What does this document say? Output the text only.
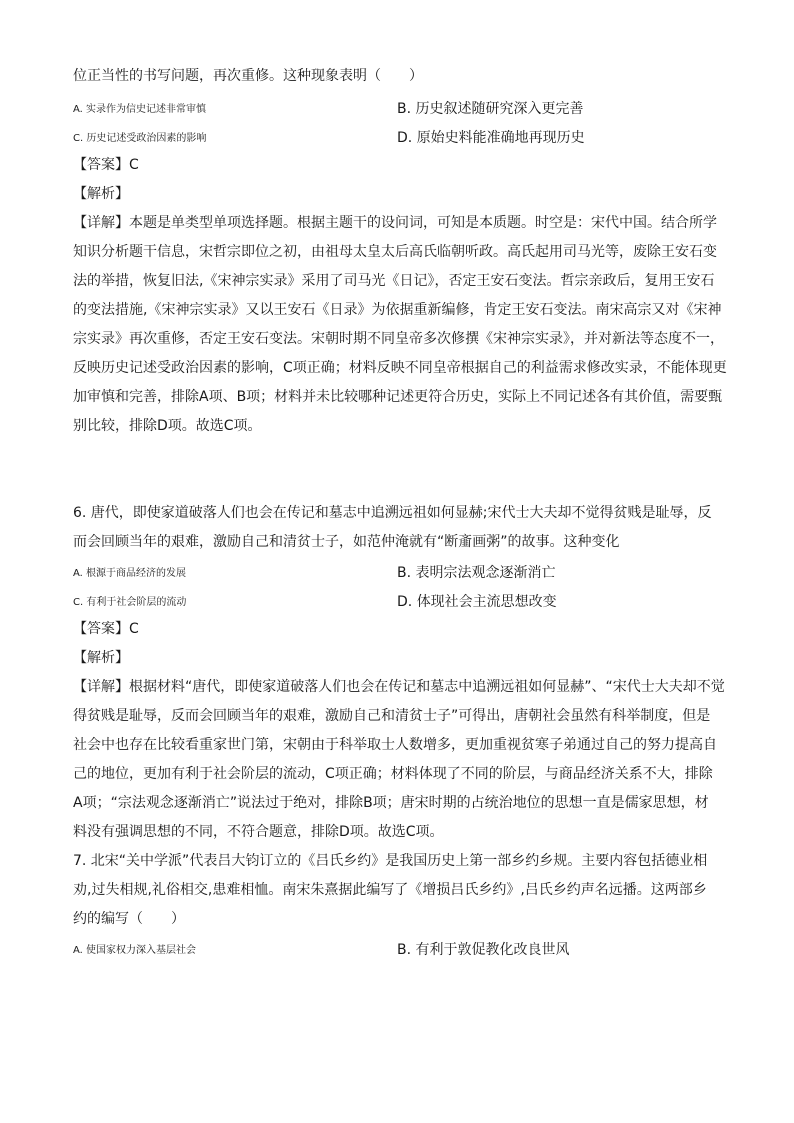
位正当性的书写问题，再次重修。这种现象表明（　　）
A. 实录作为信史记述非常审慎	B. 历史叙述随研究深入更完善
C. 历史记述受政治因素的影响	D. 原始史料能准确地再现历史
【答案】C
【解析】
【详解】本题是单类型单项选择题。根据主题干的设问词，可知是本质题。时空是：宋代中国。结合所学
知识分析题干信息，宋哲宗即位之初，由祖母太皇太后高氏临朝听政。高氏起用司马光等，废除王安石变
法的举措，恢复旧法,《宋神宗实录》采用了司马光《日记》，否定王安石变法。哲宗亲政后，复用王安石
的变法措施,《宋神宗实录》又以王安石《日录》为依据重新编修，肯定王安石变法。南宋高宗又对《宋神
宗实录》再次重修，否定王安石变法。宋朝时期不同皇帝多次修撰《宋神宗实录》，并对新法等态度不一，
反映历史记述受政治因素的影响，C项正确；材料反映不同皇帝根据自己的利益需求修改实录，不能体现更
加审慎和完善，排除A项、B项；材料并未比较哪种记述更符合历史，实际上不同记述各有其价值，需要甄
别比较，排除D项。故选C项。
6. 唐代，即使家道破落人们也会在传记和墓志中追溯远祖如何显赫;宋代士大夫却不觉得贫贱是耻辱，反
而会回顾当年的艰难，激励自己和清贫士子，如范仲淹就有“断齑画粥”的故事。这种变化
A. 根源于商品经济的发展	B. 表明宗法观念逐渐消亡
C. 有利于社会阶层的流动	D. 体现社会主流思想改变
【答案】C
【解析】
【详解】根据材料“唐代，即使家道破落人们也会在传记和墓志中追溯远祖如何显赫”、“宋代士大夫却不觉
得贫贱是耻辱，反而会回顾当年的艰难，激励自己和清贫士子”可得出，唐朝社会虽然有科举制度，但是
社会中也存在比较看重家世门第，宋朝由于科举取士人数增多，更加重视贫寒子弟通过自己的努力提高自
己的地位，更加有利于社会阶层的流动，C项正确；材料体现了不同的阶层，与商品经济关系不大，排除
A项；“宗法观念逐渐消亡”说法过于绝对，排除B项；唐宋时期的占统治地位的思想一直是儒家思想，材
料没有强调思想的不同，不符合题意，排除D项。故选C项。
7. 北宋“关中学派”代表吕大钧订立的《吕氏乡约》是我国历史上第一部乡约乡规。主要内容包括德业相
劝,过失相规,礼俗相交,患难相恤。南宋朱熹据此编写了《增损吕氏乡约》,吕氏乡约声名远播。这两部乡
约的编写（　　）
A. 使国家权力深入基层社会	B. 有利于敦促教化改良世风
